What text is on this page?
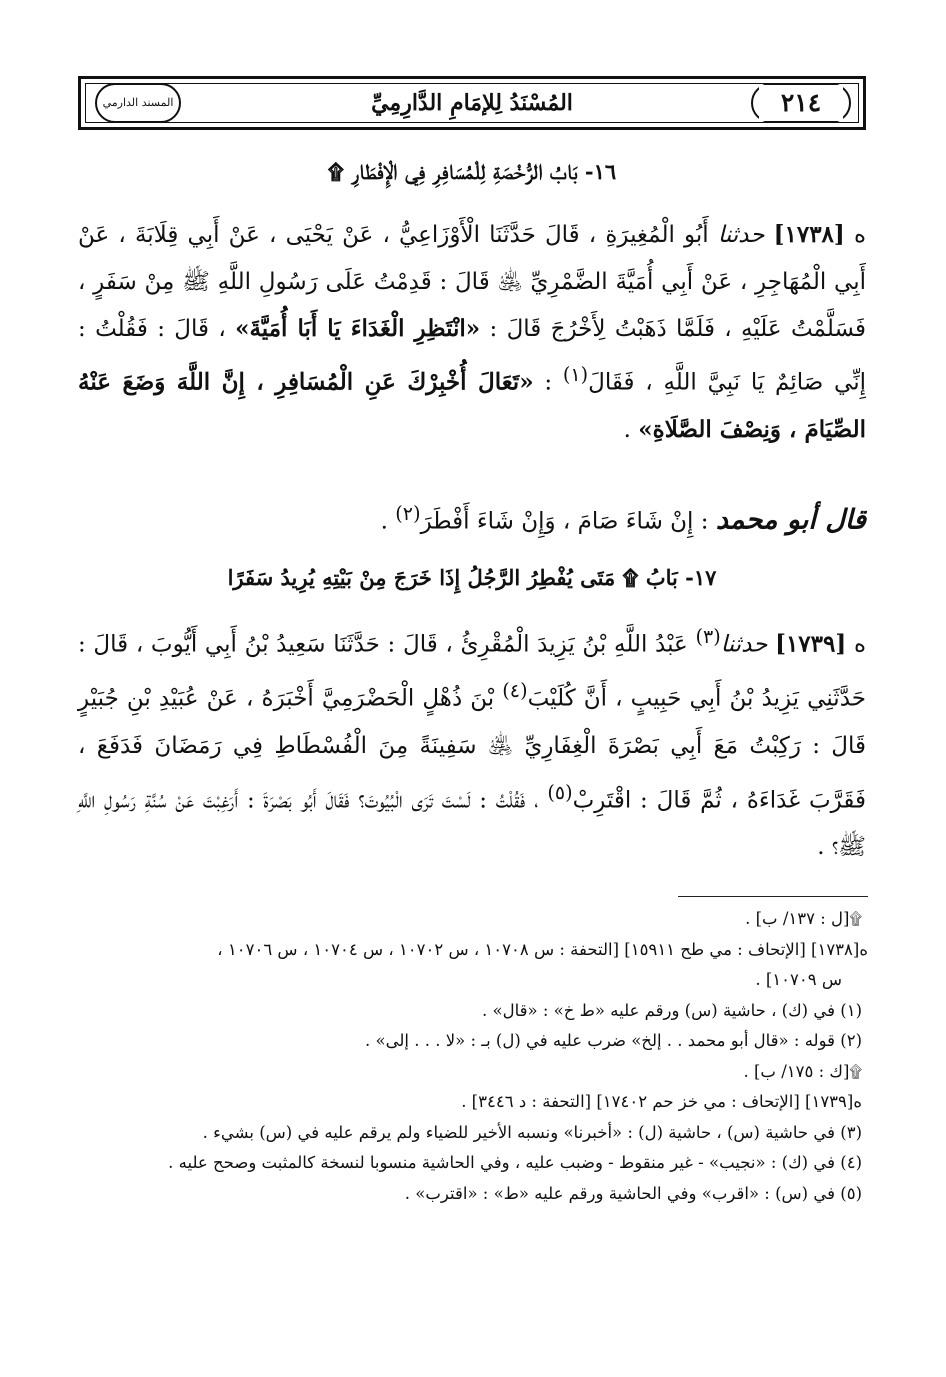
٢١٤
المُسْنَدُ لِلإمَامِ الدَّارِمِيِّ
المسند الدارمي
١٦- بَابُ الرُّخْصَةِ لِلْمُسَافِرِ فِي الْإِفْطَارِ ۩
ه [١٧٣٨] حدثنا أَبُو الْمُغِيرَةِ ، قَالَ حَدَّثَنَا الْأَوْزَاعِيُّ ، عَنْ يَحْيَى ، عَنْ أَبِي قِلَابَةَ ، عَنْ أَبِي الْمُهَاجِرِ ، عَنْ أَبِي أُمَيَّةَ الضَّمْرِيِّ ﵁ قَالَ : قَدِمْتُ عَلَى رَسُولِ اللَّهِ ﷺ مِنْ سَفَرٍ ، فَسَلَّمْتُ عَلَيْهِ ، فَلَمَّا ذَهَبْتُ لِأَخْرُجَ قَالَ : «انْتَظِرِ الْغَدَاءَ يَا أَبَا أُمَيَّةَ» ، قَالَ : فَقُلْتُ : إِنِّي صَائِمٌ يَا نَبِيَّ اللَّهِ ، فَقَالَ$^{(١)}$ : «تَعَالَ أُخْبِرْكَ عَنِ الْمُسَافِرِ ، إِنَّ اللَّهَ وَضَعَ عَنْهُ الصِّيَامَ ، وَنِصْفَ الصَّلَاةِ» .
قال أبو محمد : إِنْ شَاءَ صَامَ ، وَإِنْ شَاءَ أَفْطَرَ$^{(٢)}$ .
١٧- بَابُ ۩ مَتَى يُفْطِرُ الرَّجُلُ إِذَا خَرَجَ مِنْ بَيْتِهِ يُرِيدُ سَفَرًا
ه [١٧٣٩] حدثنا$^{(٣)}$ عَبْدُ اللَّهِ بْنُ يَزِيدَ الْمُقْرِئُ ، قَالَ : حَدَّثَنَا سَعِيدُ بْنُ أَبِي أَيُّوبَ ، قَالَ : حَدَّثَنِي يَزِيدُ بْنُ أَبِي حَبِيبٍ ، أَنَّ كُلَيْبَ$^{(٤)}$ بْنَ ذُهْلٍ الْحَضْرَمِيَّ أَخْبَرَهُ ، عَنْ عُبَيْدِ بْنِ جُبَيْرٍ قَالَ : رَكِبْتُ مَعَ أَبِي بَصْرَةَ الْغِفَارِيِّ ﵁ سَفِينَةً مِنَ الْفُسْطَاطِ فِي رَمَضَانَ فَدَفَعَ ، فَقَرَّبَ غَدَاءَهُ ، ثُمَّ قَالَ : اقْتَرِبْ$^{(٥)}$ ، فَقُلْتُ : لَسْتَ تَرَى الْبُيُوتَ؟ فَقَالَ أَبُو بَصْرَةَ : أَرَغِبْتَ عَنْ سُنَّةِ رَسُولِ اللَّهِ ﷺ؟ .

۩[ل : ١٣٧/ ب] .

ه[١٧٣٨] [الإتحاف : مي طح ١٥٩١١] [التحفة : س ١٠٧٠٨ ، س ١٠٧٠٢ ، س ١٠٧٠٤ ، س ١٠٧٠٦ ،

س ١٠٧٠٩] .

(١) في (ك) ، حاشية (س) ورقم عليه «ط خ» : «قال» .

(٢) قوله : «قال أبو محمد . . إلخ» ضرب عليه في (ل) بـ : «لا . . . إلى» .

۩[ك : ١٧٥/ ب] .

ه[١٧٣٩] [الإتحاف : مي خز حم ١٧٤٠٢] [التحفة : د ٣٤٤٦] .

(٣) في حاشية (س) ، حاشية (ل) : «أخبرنا» ونسبه الأخير للضياء ولم يرقم عليه في (س) بشيء .

(٤) في (ك) : «نجيب» - غير منقوط - وضبب عليه ، وفي الحاشية منسوبا لنسخة كالمثبت وصحح عليه .

(٥) في (س) : «اقرب» وفي الحاشية ورقم عليه «ط» : «اقترب» .
